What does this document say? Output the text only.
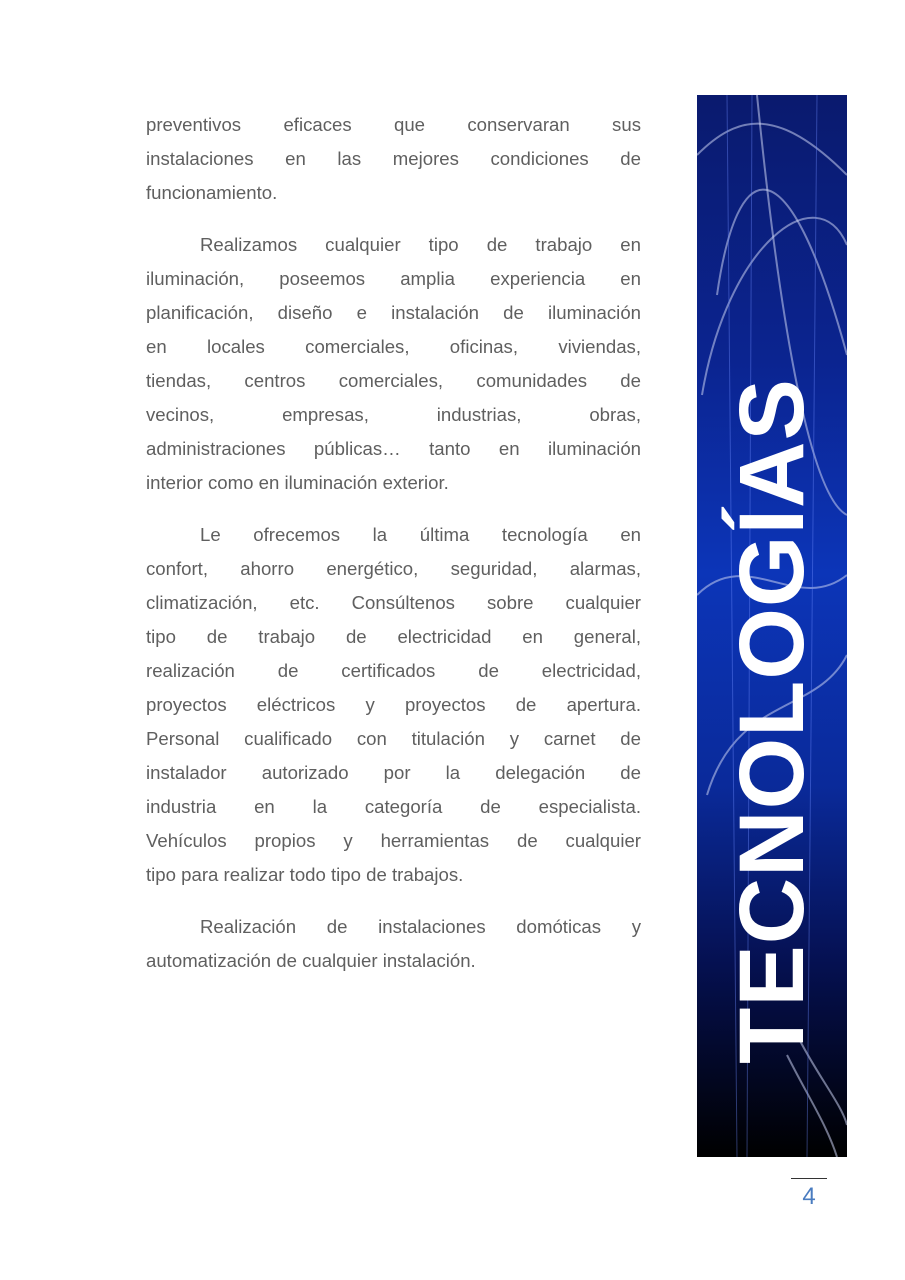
preventivos eficaces que conservaran sus
instalaciones en las mejores condiciones de
funcionamiento.
Realizamos cualquier tipo de trabajo en
iluminación, poseemos amplia experiencia en
planificación, diseño e instalación de iluminación
en locales comerciales, oficinas, viviendas,
tiendas, centros comerciales, comunidades de
vecinos, empresas, industrias, obras,
administraciones públicas… tanto en iluminación
interior como en iluminación exterior.
Le ofrecemos la última tecnología en
confort, ahorro energético, seguridad, alarmas,
climatización, etc. Consúltenos sobre cualquier
tipo de trabajo de electricidad en general,
realización de certificados de electricidad,
proyectos eléctricos y proyectos de apertura.
Personal cualificado con titulación y carnet de
instalador autorizado por la delegación de
industria en la categoría de especialista.
Vehículos propios y herramientas de cualquier
tipo para realizar todo tipo de trabajos.
Realización de instalaciones domóticas y
automatización de cualquier instalación.	TECNOLOGÍAS
4
